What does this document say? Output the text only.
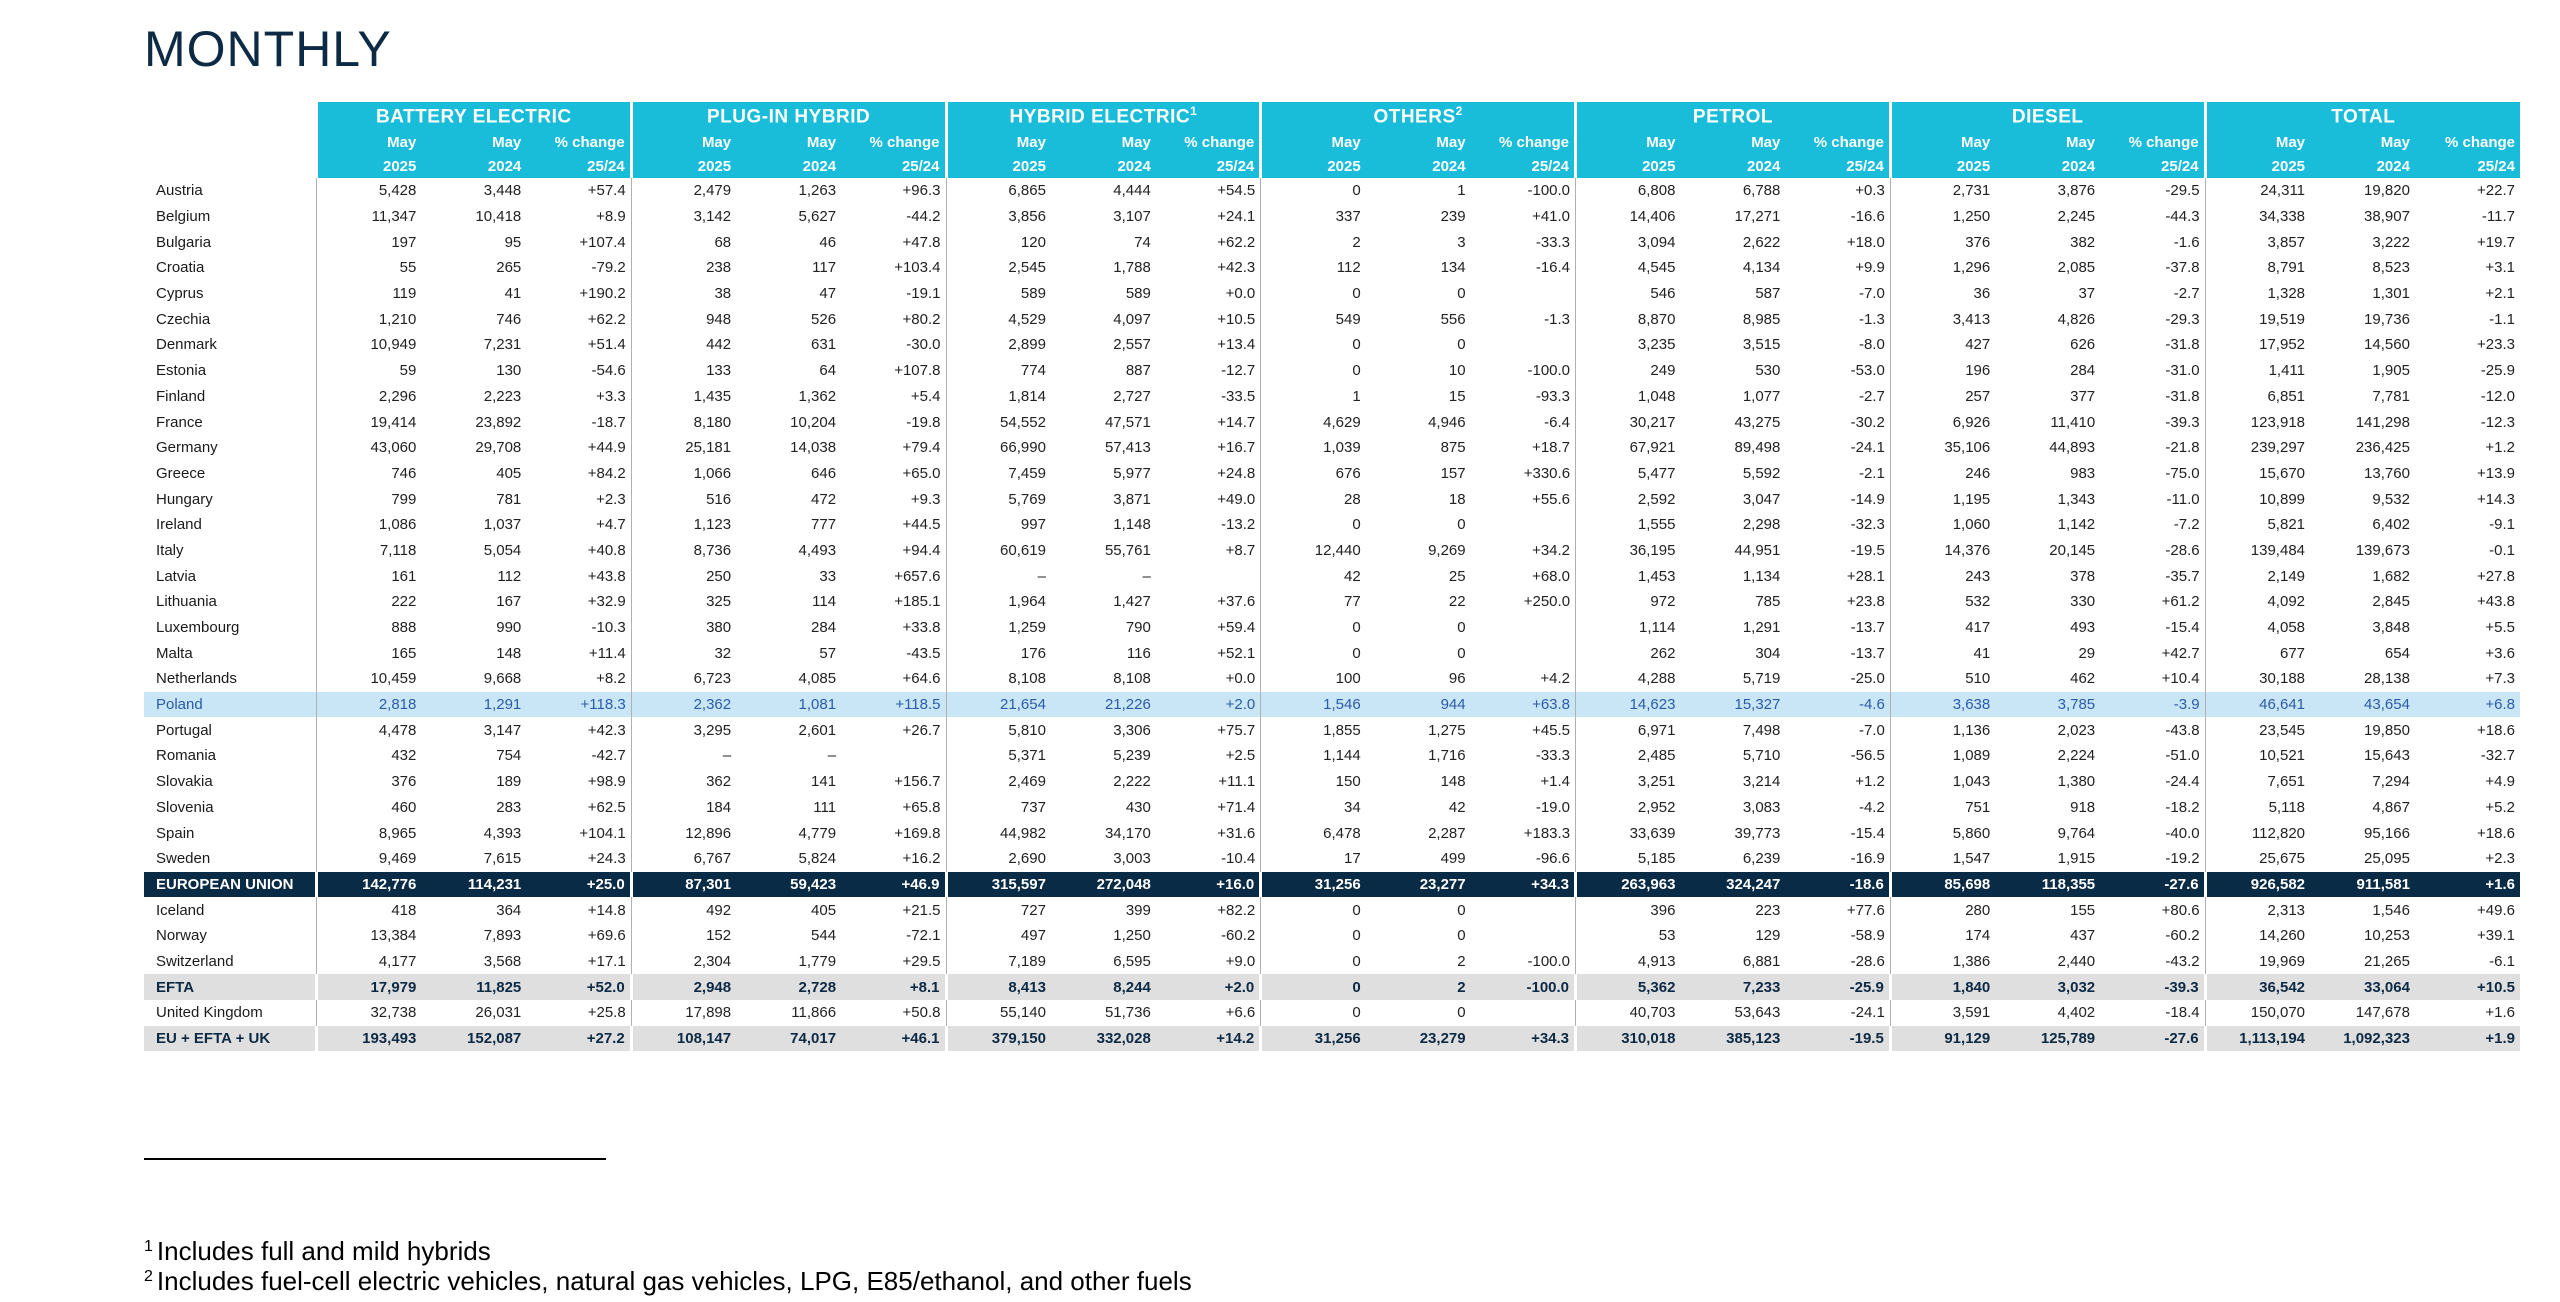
MONTHLY
	BATTERY ELECTRIC			PLUG-IN HYBRID			HYBRID ELECTRIC$^1$			OTHERS$^2$			PETROL			DIESEL			TOTAL		
	May	May	% change	May	May	% change	May	May	% change	May	May	% change	May	May	% change	May	May	% change	May	May	% change
	2025	2024	25/24	2025	2024	25/24	2025	2024	25/24	2025	2024	25/24	2025	2024	25/24	2025	2024	25/24	2025	2024	25/24
Austria	5,428	3,448	+57.4	2,479	1,263	+96.3	6,865	4,444	+54.5	0	1	-100.0	6,808	6,788	+0.3	2,731	3,876	-29.5	24,311	19,820	+22.7
Belgium	11,347	10,418	+8.9	3,142	5,627	-44.2	3,856	3,107	+24.1	337	239	+41.0	14,406	17,271	-16.6	1,250	2,245	-44.3	34,338	38,907	-11.7
Bulgaria	197	95	+107.4	68	46	+47.8	120	74	+62.2	2	3	-33.3	3,094	2,622	+18.0	376	382	-1.6	3,857	3,222	+19.7
Croatia	55	265	-79.2	238	117	+103.4	2,545	1,788	+42.3	112	134	-16.4	4,545	4,134	+9.9	1,296	2,085	-37.8	8,791	8,523	+3.1
Cyprus	119	41	+190.2	38	47	-19.1	589	589	+0.0	0	0		546	587	-7.0	36	37	-2.7	1,328	1,301	+2.1
Czechia	1,210	746	+62.2	948	526	+80.2	4,529	4,097	+10.5	549	556	-1.3	8,870	8,985	-1.3	3,413	4,826	-29.3	19,519	19,736	-1.1
Denmark	10,949	7,231	+51.4	442	631	-30.0	2,899	2,557	+13.4	0	0		3,235	3,515	-8.0	427	626	-31.8	17,952	14,560	+23.3
Estonia	59	130	-54.6	133	64	+107.8	774	887	-12.7	0	10	-100.0	249	530	-53.0	196	284	-31.0	1,411	1,905	-25.9
Finland	2,296	2,223	+3.3	1,435	1,362	+5.4	1,814	2,727	-33.5	1	15	-93.3	1,048	1,077	-2.7	257	377	-31.8	6,851	7,781	-12.0
France	19,414	23,892	-18.7	8,180	10,204	-19.8	54,552	47,571	+14.7	4,629	4,946	-6.4	30,217	43,275	-30.2	6,926	11,410	-39.3	123,918	141,298	-12.3
Germany	43,060	29,708	+44.9	25,181	14,038	+79.4	66,990	57,413	+16.7	1,039	875	+18.7	67,921	89,498	-24.1	35,106	44,893	-21.8	239,297	236,425	+1.2
Greece	746	405	+84.2	1,066	646	+65.0	7,459	5,977	+24.8	676	157	+330.6	5,477	5,592	-2.1	246	983	-75.0	15,670	13,760	+13.9
Hungary	799	781	+2.3	516	472	+9.3	5,769	3,871	+49.0	28	18	+55.6	2,592	3,047	-14.9	1,195	1,343	-11.0	10,899	9,532	+14.3
Ireland	1,086	1,037	+4.7	1,123	777	+44.5	997	1,148	-13.2	0	0		1,555	2,298	-32.3	1,060	1,142	-7.2	5,821	6,402	-9.1
Italy	7,118	5,054	+40.8	8,736	4,493	+94.4	60,619	55,761	+8.7	12,440	9,269	+34.2	36,195	44,951	-19.5	14,376	20,145	-28.6	139,484	139,673	-0.1
Latvia	161	112	+43.8	250	33	+657.6	–	–		42	25	+68.0	1,453	1,134	+28.1	243	378	-35.7	2,149	1,682	+27.8
Lithuania	222	167	+32.9	325	114	+185.1	1,964	1,427	+37.6	77	22	+250.0	972	785	+23.8	532	330	+61.2	4,092	2,845	+43.8
Luxembourg	888	990	-10.3	380	284	+33.8	1,259	790	+59.4	0	0		1,114	1,291	-13.7	417	493	-15.4	4,058	3,848	+5.5
Malta	165	148	+11.4	32	57	-43.5	176	116	+52.1	0	0		262	304	-13.7	41	29	+42.7	677	654	+3.6
Netherlands	10,459	9,668	+8.2	6,723	4,085	+64.6	8,108	8,108	+0.0	100	96	+4.2	4,288	5,719	-25.0	510	462	+10.4	30,188	28,138	+7.3
Poland	2,818	1,291	+118.3	2,362	1,081	+118.5	21,654	21,226	+2.0	1,546	944	+63.8	14,623	15,327	-4.6	3,638	3,785	-3.9	46,641	43,654	+6.8
Portugal	4,478	3,147	+42.3	3,295	2,601	+26.7	5,810	3,306	+75.7	1,855	1,275	+45.5	6,971	7,498	-7.0	1,136	2,023	-43.8	23,545	19,850	+18.6
Romania	432	754	-42.7	–	–		5,371	5,239	+2.5	1,144	1,716	-33.3	2,485	5,710	-56.5	1,089	2,224	-51.0	10,521	15,643	-32.7
Slovakia	376	189	+98.9	362	141	+156.7	2,469	2,222	+11.1	150	148	+1.4	3,251	3,214	+1.2	1,043	1,380	-24.4	7,651	7,294	+4.9
Slovenia	460	283	+62.5	184	111	+65.8	737	430	+71.4	34	42	-19.0	2,952	3,083	-4.2	751	918	-18.2	5,118	4,867	+5.2
Spain	8,965	4,393	+104.1	12,896	4,779	+169.8	44,982	34,170	+31.6	6,478	2,287	+183.3	33,639	39,773	-15.4	5,860	9,764	-40.0	112,820	95,166	+18.6
Sweden	9,469	7,615	+24.3	6,767	5,824	+16.2	2,690	3,003	-10.4	17	499	-96.6	5,185	6,239	-16.9	1,547	1,915	-19.2	25,675	25,095	+2.3
EUROPEAN UNION	142,776	114,231	+25.0	87,301	59,423	+46.9	315,597	272,048	+16.0	31,256	23,277	+34.3	263,963	324,247	-18.6	85,698	118,355	-27.6	926,582	911,581	+1.6
Iceland	418	364	+14.8	492	405	+21.5	727	399	+82.2	0	0		396	223	+77.6	280	155	+80.6	2,313	1,546	+49.6
Norway	13,384	7,893	+69.6	152	544	-72.1	497	1,250	-60.2	0	0		53	129	-58.9	174	437	-60.2	14,260	10,253	+39.1
Switzerland	4,177	3,568	+17.1	2,304	1,779	+29.5	7,189	6,595	+9.0	0	2	-100.0	4,913	6,881	-28.6	1,386	2,440	-43.2	19,969	21,265	-6.1
EFTA	17,979	11,825	+52.0	2,948	2,728	+8.1	8,413	8,244	+2.0	0	2	-100.0	5,362	7,233	-25.9	1,840	3,032	-39.3	36,542	33,064	+10.5
United Kingdom	32,738	26,031	+25.8	17,898	11,866	+50.8	55,140	51,736	+6.6	0	0		40,703	53,643	-24.1	3,591	4,402	-18.4	150,070	147,678	+1.6
EU + EFTA + UK	193,493	152,087	+27.2	108,147	74,017	+46.1	379,150	332,028	+14.2	31,256	23,279	+34.3	310,018	385,123	-19.5	91,129	125,789	-27.6	1,113,194	1,092,323	+1.9

$^1$ Includes full and mild hybrids

$^2$ Includes fuel-cell electric vehicles, natural gas vehicles, LPG, E85/ethanol, and other fuels
